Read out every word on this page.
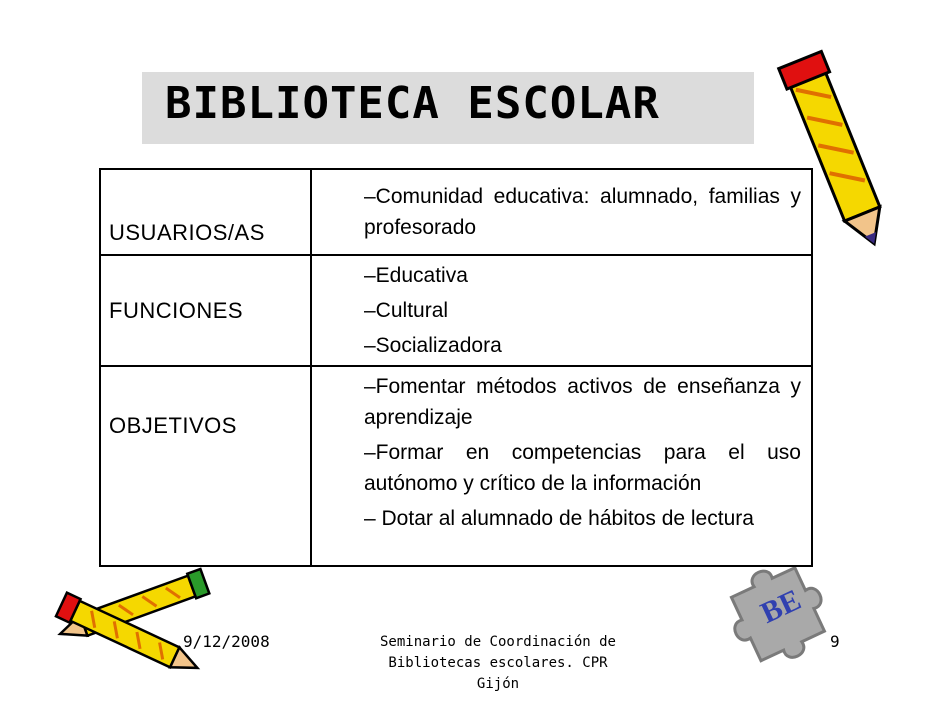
BIBLIOTECA ESCOLAR
BE
USUARIOS/AS	–Comunidad educativa: alumnado, familias y profesorado

FUNCIONES	–Educativa
–Cultural
–Socializadora

OBJETIVOS	–Fomentar métodos activos de enseñanza y aprendizaje
–Formar en competencias para el uso autónomo y crítico de la información
– Dotar al alumnado de hábitos de lectura
9/12/2008	Seminario de Coordinación de
Bibliotecas escolares. CPR Gijón
9
